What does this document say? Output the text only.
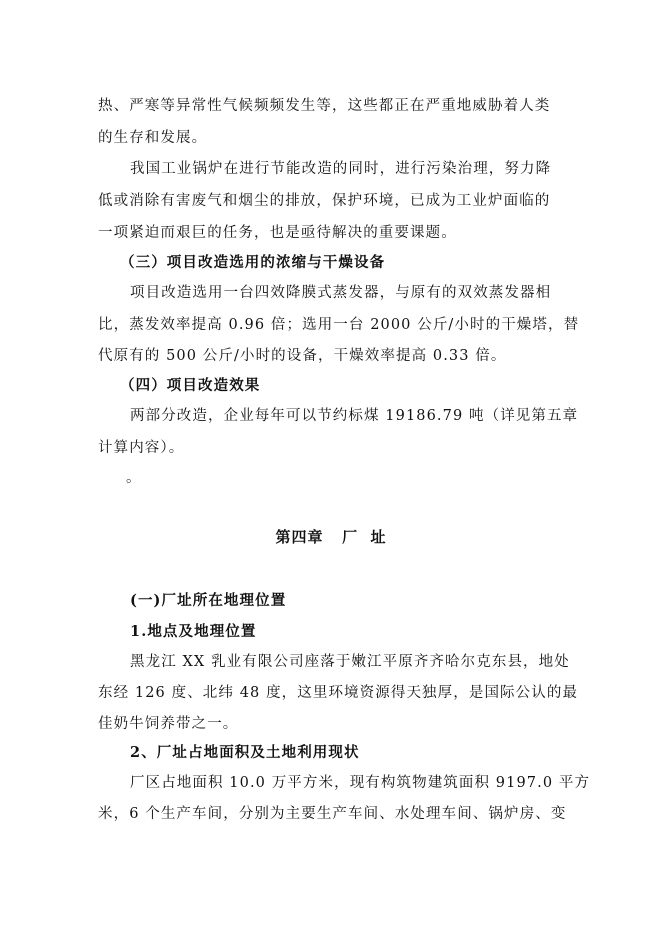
热、严寒等异常性气候频频发生等，这些都正在严重地威胁着人类
的生存和发展。
我国工业锅炉在进行节能改造的同时，进行污染治理，努力降
低或消除有害废气和烟尘的排放，保护环境，已成为工业炉面临的
一项紧迫而艰巨的任务，也是亟待解决的重要课题。
（三）项目改造选用的浓缩与干燥设备
项目改造选用一台四效降膜式蒸发器，与原有的双效蒸发器相
比，蒸发效率提高 0.96 倍；选用一台 2000 公斤/小时的干燥塔，替
代原有的 500 公斤/小时的设备，干燥效率提高 0.33 倍。
（四）项目改造效果
两部分改造，企业每年可以节约标煤 19186.79 吨（详见第五章
计算内容）。
。
第四章   厂  址
(一)厂址所在地理位置
1.地点及地理位置
黑龙江 XX 乳业有限公司座落于嫩江平原齐齐哈尔克东县，地处
东经 126 度、北纬 48 度，这里环境资源得天独厚，是国际公认的最
佳奶牛饲养带之一。
2、厂址占地面积及土地利用现状
厂区占地面积 10.0 万平方米，现有构筑物建筑面积 9197.0 平方
米，6 个生产车间，分别为主要生产车间、水处理车间、锅炉房、变
